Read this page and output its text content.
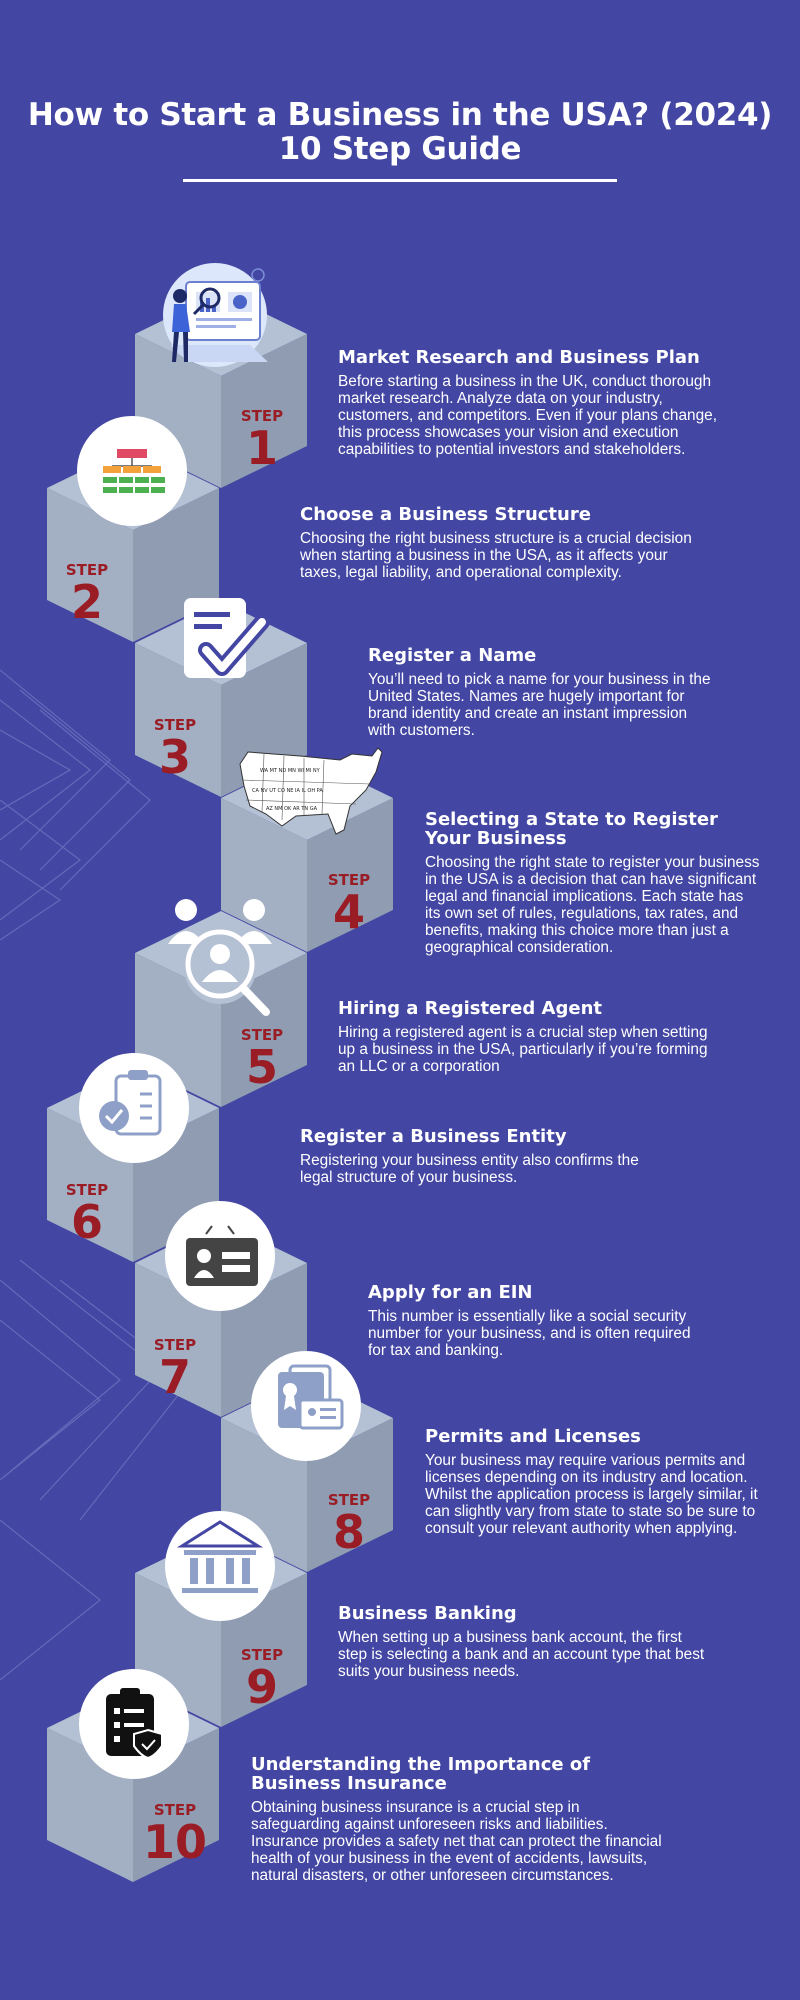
STEP
1
STEP
2
STEP
3
STEP
4
STEP
5
STEP
6
STEP
7
STEP
8
STEP
9
STEP
10
WA MT ND MN WI MI NY
CA NV UT CO NE IA IL OH PA
AZ NM OK AR TN GA
How to Start a Business in the USA? (2024)
10 Step Guide
Market Research and Business Plan

Before starting a business in the UK, conduct thorough market research. Analyze data on your industry, customers, and competitors. Even if your plans change, this process showcases your vision and execution capabilities to potential investors and stakeholders.

Choose a Business Structure

Choosing the right business structure is a crucial decision when starting a business in the USA, as it affects your taxes, legal liability, and operational complexity.

Register a Name

You’ll need to pick a name for your business in the United States. Names are hugely important for brand identity and create an instant impression with customers.

Selecting a State to Register Your Business

Choosing the right state to register your business in the USA is a decision that can have significant legal and financial implications. Each state has its own set of rules, regulations, tax rates, and benefits, making this choice more than just a geographical consideration.

Hiring a Registered Agent

Hiring a registered agent is a crucial step when setting up a business in the USA, particularly if you’re forming an LLC or a corporation

Register a Business Entity

Registering your business entity also confirms the legal structure of your business.

Apply for an EIN

This number is essentially like a social security number for your business, and is often required for tax and banking.

Permits and Licenses

Your business may require various permits and licenses depending on its industry and location. Whilst the application process is largely similar, it can slightly vary from state to state so be sure to consult your relevant authority when applying.

Business Banking

When setting up a business bank account, the first step is selecting a bank and an account type that best suits your business needs.

Understanding the Importance of Business Insurance

Obtaining business insurance is a crucial step in safeguarding against unforeseen risks and liabilities. Insurance provides a safety net that can protect the financial health of your business in the event of accidents, lawsuits, natural disasters, or other unforeseen circumstances.
